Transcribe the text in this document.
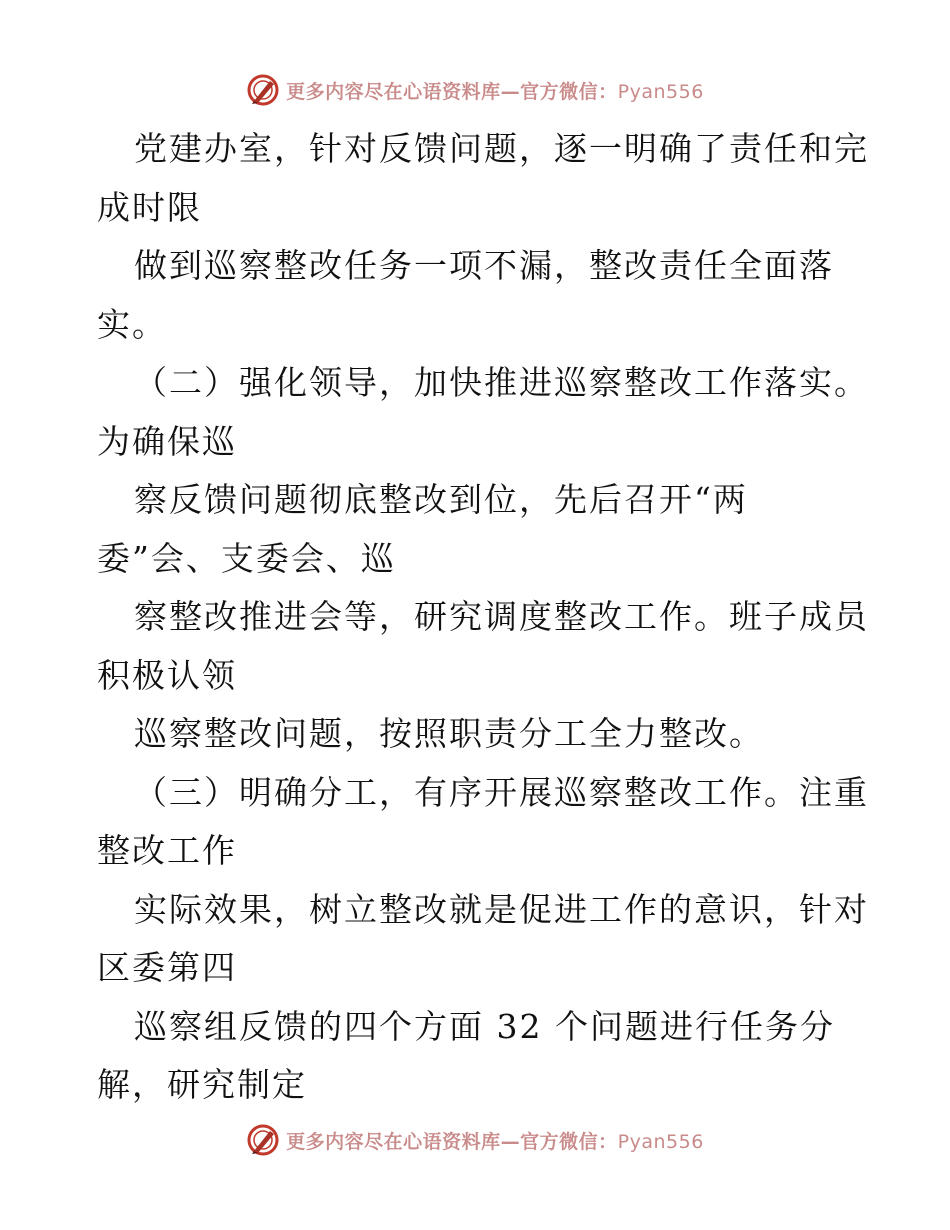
更多内容尽在心语资料库—官方微信：Pyan556
党建办室，针对反馈问题，逐一明确了责任和完
成时限
做到巡察整改任务一项不漏，整改责任全面落
实。
（二）强化领导，加快推进巡察整改工作落实。
为确保巡
察反馈问题彻底整改到位，先后召开“两
委”会、支委会、巡
察整改推进会等，研究调度整改工作。班子成员
积极认领
巡察整改问题，按照职责分工全力整改。
（三）明确分工，有序开展巡察整改工作。注重
整改工作
实际效果，树立整改就是促进工作的意识，针对
区委第四
巡察组反馈的四个方面 32 个问题进行任务分
解，研究制定
更多内容尽在心语资料库—官方微信：Pyan556
